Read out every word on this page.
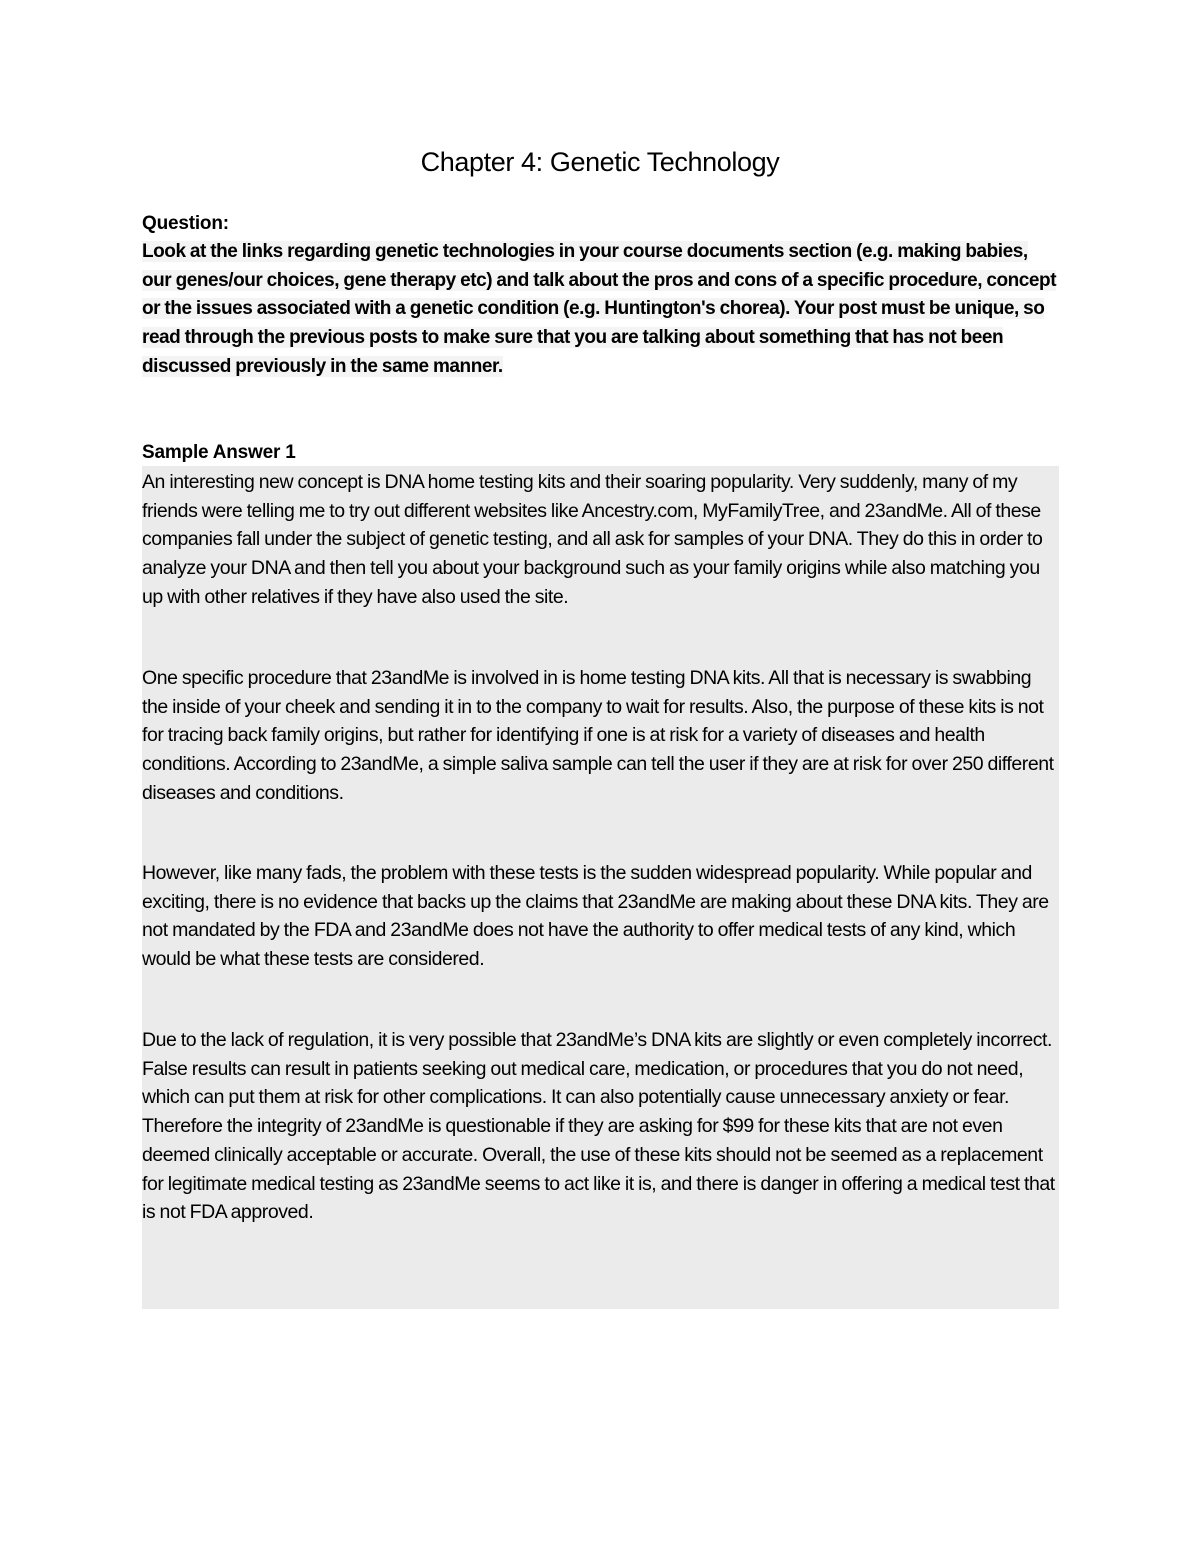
Chapter 4: Genetic Technology
Question:

Look at the links regarding genetic technologies in your course documents section (e.g. making babies, our genes/our choices, gene therapy etc) and talk about the pros and cons of a specific procedure, concept or the issues associated with a genetic condition (e.g. Huntington's chorea). Your post must be unique, so read through the previous posts to make sure that you are talking about something that has not been discussed previously in the same manner.

Sample Answer 1

An interesting new concept is DNA home testing kits and their soaring popularity. Very suddenly, many of my friends were telling me to try out different websites like Ancestry.com, MyFamilyTree, and 23andMe. All of these companies fall under the subject of genetic testing, and all ask for samples of your DNA. They do this in order to analyze your DNA and then tell you about your background such as your family origins while also matching you up with other relatives if they have also used the site.

One specific procedure that 23andMe is involved in is home testing DNA kits. All that is necessary is swabbing the inside of your cheek and sending it in to the company to wait for results. Also, the purpose of these kits is not for tracing back family origins, but rather for identifying if one is at risk for a variety of diseases and health conditions. According to 23andMe, a simple saliva sample can tell the user if they are at risk for over 250 different diseases and conditions.

However, like many fads, the problem with these tests is the sudden widespread popularity. While popular and exciting, there is no evidence that backs up the claims that 23andMe are making about these DNA kits. They are not mandated by the FDA and 23andMe does not have the authority to offer medical tests of any kind, which would be what these tests are considered.

Due to the lack of regulation, it is very possible that 23andMe’s DNA kits are slightly or even completely incorrect. False results can result in patients seeking out medical care, medication, or procedures that you do not need, which can put them at risk for other complications. It can also potentially cause unnecessary anxiety or fear. Therefore the integrity of 23andMe is questionable if they are asking for $99 for these kits that are not even deemed clinically acceptable or accurate. Overall, the use of these kits should not be seemed as a replacement for legitimate medical testing as 23andMe seems to act like it is, and there is danger in offering a medical test that is not FDA approved.
